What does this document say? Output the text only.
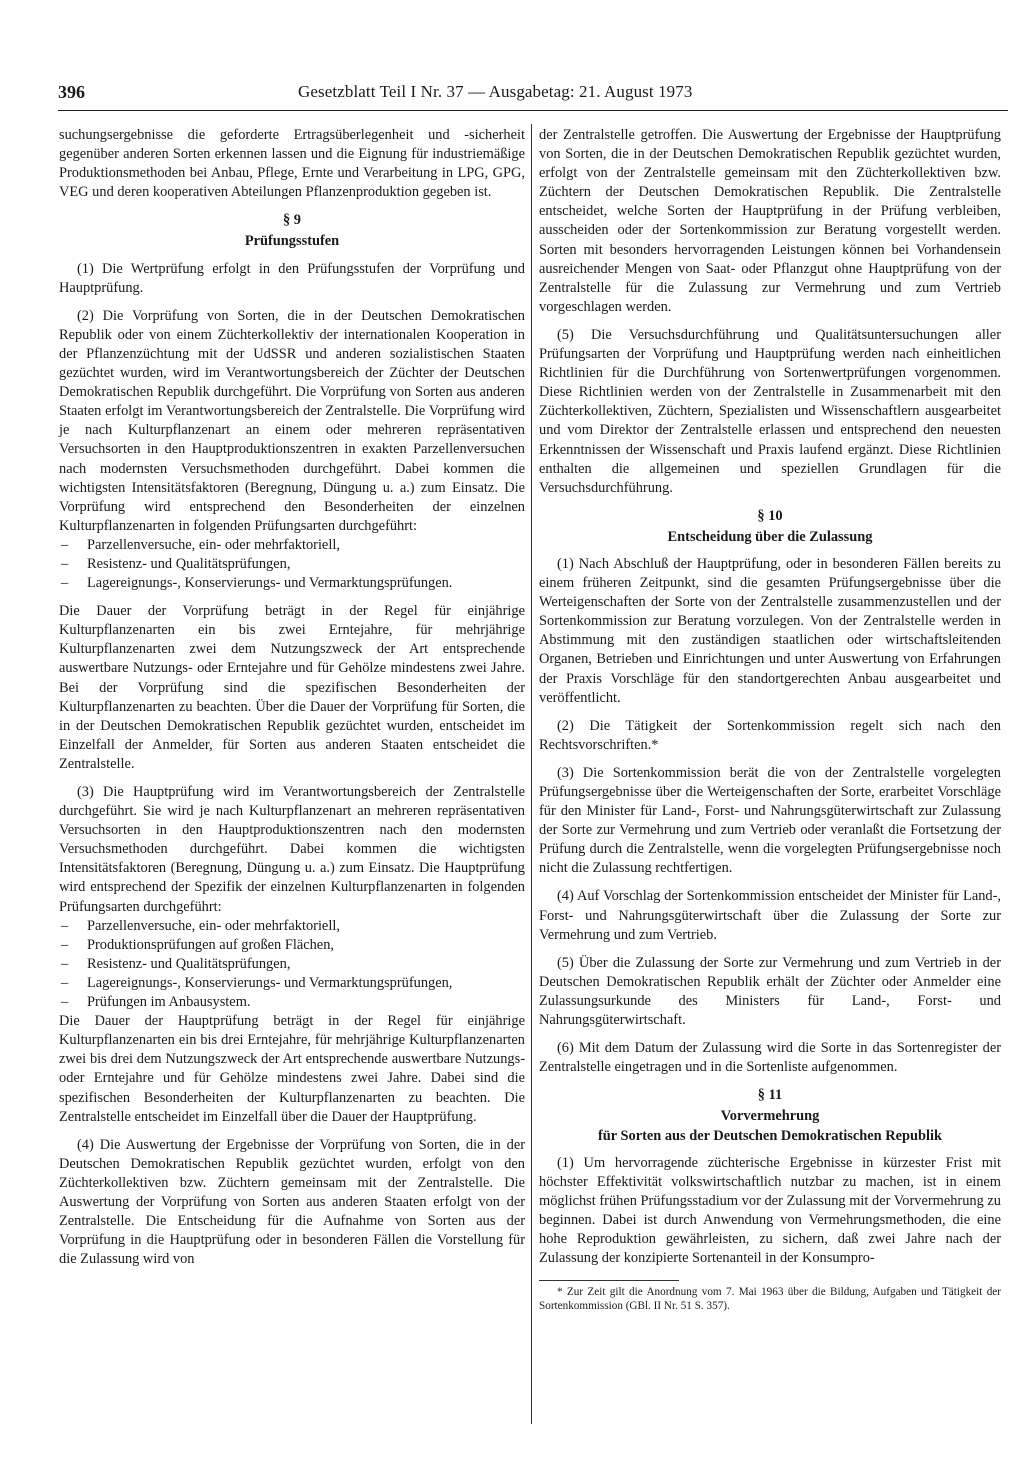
396	Gesetzblatt Teil I Nr. 37 — Ausgabetag: 21. August 1973

suchungsergebnisse die geforderte Ertragsüberlegenheit und -sicherheit gegenüber anderen Sorten erkennen lassen und die Eignung für industriemäßige Produktionsmethoden bei Anbau, Pflege, Ernte und Verarbeitung in LPG, GPG, VEG und deren kooperativen Abteilungen Pflanzenproduktion gegeben ist.

§ 9
Prüfungsstufen

(1) Die Wertprüfung erfolgt in den Prüfungsstufen der Vorprüfung und Hauptprüfung.

(2) Die Vorprüfung von Sorten, die in der Deutschen Demokratischen Republik oder von einem Züchterkollektiv der internationalen Kooperation in der Pflanzenzüchtung mit der UdSSR und anderen sozialistischen Staaten gezüchtet wurden, wird im Verantwortungsbereich der Züchter der Deutschen Demokratischen Republik durchgeführt. Die Vorprüfung von Sorten aus anderen Staaten erfolgt im Verantwortungsbereich der Zentralstelle. Die Vorprüfung wird je nach Kulturpflanzenart an einem oder mehreren repräsentativen Versuchsorten in den Hauptproduktionszentren in exakten Parzellenversuchen nach modernsten Versuchsmethoden durchgeführt. Dabei kommen die wichtigsten Intensitätsfaktoren (Beregnung, Düngung u. a.) zum Einsatz. Die Vorprüfung wird entsprechend den Besonderheiten der einzelnen Kulturpflanzenarten in folgenden Prüfungsarten durchgeführt:

– Parzellenversuche, ein- oder mehrfaktoriell,
– Resistenz- und Qualitätsprüfungen,
– Lagereignungs-, Konservierungs- und Vermarktungsprüfungen.

Die Dauer der Vorprüfung beträgt in der Regel für einjährige Kulturpflanzenarten ein bis zwei Erntejahre, für mehrjährige Kulturpflanzenarten zwei dem Nutzungszweck der Art entsprechende auswertbare Nutzungs- oder Erntejahre und für Gehölze mindestens zwei Jahre. Bei der Vorprüfung sind die spezifischen Besonderheiten der Kulturpflanzenarten zu beachten. Über die Dauer der Vorprüfung für Sorten, die in der Deutschen Demokratischen Republik gezüchtet wurden, entscheidet im Einzelfall der Anmelder, für Sorten aus anderen Staaten entscheidet die Zentralstelle.

(3) Die Hauptprüfung wird im Verantwortungsbereich der Zentralstelle durchgeführt. Sie wird je nach Kulturpflanzenart an mehreren repräsentativen Versuchsorten in den Hauptproduktionszentren nach den modernsten Versuchsmethoden durchgeführt. Dabei kommen die wichtigsten Intensitätsfaktoren (Beregnung, Düngung u. a.) zum Einsatz. Die Hauptprüfung wird entsprechend der Spezifik der einzelnen Kulturpflanzenarten in folgenden Prüfungsarten durchgeführt:

– Parzellenversuche, ein- oder mehrfaktoriell,
– Produktionsprüfungen auf großen Flächen,
– Resistenz- und Qualitätsprüfungen,
– Lagereignungs-, Konservierungs- und Vermarktungsprüfungen,
– Prüfungen im Anbausystem.

Die Dauer der Hauptprüfung beträgt in der Regel für einjährige Kulturpflanzenarten ein bis drei Erntejahre, für mehrjährige Kulturpflanzenarten zwei bis drei dem Nutzungszweck der Art entsprechende auswertbare Nutzungs- oder Erntejahre und für Gehölze mindestens zwei Jahre. Dabei sind die spezifischen Besonderheiten der Kulturpflanzenarten zu beachten. Die Zentralstelle entscheidet im Einzelfall über die Dauer der Hauptprüfung.

(4) Die Auswertung der Ergebnisse der Vorprüfung von Sorten, die in der Deutschen Demokratischen Republik gezüchtet wurden, erfolgt von den Züchterkollektiven bzw. Züchtern gemeinsam mit der Zentralstelle. Die Auswertung der Vorprüfung von Sorten aus anderen Staaten erfolgt von der Zentralstelle. Die Entscheidung für die Aufnahme von Sorten aus der Vorprüfung in die Hauptprüfung oder in besonderen Fällen die Vorstellung für die Zulassung wird von

der Zentralstelle getroffen. Die Auswertung der Ergebnisse der Hauptprüfung von Sorten, die in der Deutschen Demokratischen Republik gezüchtet wurden, erfolgt von der Zentralstelle gemeinsam mit den Züchterkollektiven bzw. Züchtern der Deutschen Demokratischen Republik. Die Zentralstelle entscheidet, welche Sorten der Hauptprüfung in der Prüfung verbleiben, ausscheiden oder der Sortenkommission zur Beratung vorgestellt werden. Sorten mit besonders hervorragenden Leistungen können bei Vorhandensein ausreichender Mengen von Saat- oder Pflanzgut ohne Hauptprüfung von der Zentralstelle für die Zulassung zur Vermehrung und zum Vertrieb vorgeschlagen werden.

(5) Die Versuchsdurchführung und Qualitätsuntersuchungen aller Prüfungsarten der Vorprüfung und Hauptprüfung werden nach einheitlichen Richtlinien für die Durchführung von Sortenwertprüfungen vorgenommen. Diese Richtlinien werden von der Zentralstelle in Zusammenarbeit mit den Züchterkollektiven, Züchtern, Spezialisten und Wissenschaftlern ausgearbeitet und vom Direktor der Zentralstelle erlassen und entsprechend den neuesten Erkenntnissen der Wissenschaft und Praxis laufend ergänzt. Diese Richtlinien enthalten die allgemeinen und speziellen Grundlagen für die Versuchsdurchführung.

§ 10
Entscheidung über die Zulassung

(1) Nach Abschluß der Hauptprüfung, oder in besonderen Fällen bereits zu einem früheren Zeitpunkt, sind die gesamten Prüfungsergebnisse über die Werteigenschaften der Sorte von der Zentralstelle zusammenzustellen und der Sortenkommission zur Beratung vorzulegen. Von der Zentralstelle werden in Abstimmung mit den zuständigen staatlichen oder wirtschaftsleitenden Organen, Betrieben und Einrichtungen und unter Auswertung von Erfahrungen der Praxis Vorschläge für den standortgerechten Anbau ausgearbeitet und veröffentlicht.

(2) Die Tätigkeit der Sortenkommission regelt sich nach den Rechtsvorschriften.*

(3) Die Sortenkommission berät die von der Zentralstelle vorgelegten Prüfungsergebnisse über die Werteigenschaften der Sorte, erarbeitet Vorschläge für den Minister für Land-, Forst- und Nahrungsgüterwirtschaft zur Zulassung der Sorte zur Vermehrung und zum Vertrieb oder veranlaßt die Fortsetzung der Prüfung durch die Zentralstelle, wenn die vorgelegten Prüfungsergebnisse noch nicht die Zulassung rechtfertigen.

(4) Auf Vorschlag der Sortenkommission entscheidet der Minister für Land-, Forst- und Nahrungsgüterwirtschaft über die Zulassung der Sorte zur Vermehrung und zum Vertrieb.

(5) Über die Zulassung der Sorte zur Vermehrung und zum Vertrieb in der Deutschen Demokratischen Republik erhält der Züchter oder Anmelder eine Zulassungsurkunde des Ministers für Land-, Forst- und Nahrungsgüterwirtschaft.

(6) Mit dem Datum der Zulassung wird die Sorte in das Sortenregister der Zentralstelle eingetragen und in die Sortenliste aufgenommen.

§ 11
Vorvermehrung
für Sorten aus der Deutschen Demokratischen Republik

(1) Um hervorragende züchterische Ergebnisse in kürzester Frist mit höchster Effektivität volkswirtschaftlich nutzbar zu machen, ist in einem möglichst frühen Prüfungsstadium vor der Zulassung mit der Vorvermehrung zu beginnen. Dabei ist durch Anwendung von Vermehrungsmethoden, die eine hohe Reproduktion gewährleisten, zu sichern, daß zwei Jahre nach der Zulassung der konzipierte Sortenanteil in der Konsumpro-

* Zur Zeit gilt die Anordnung vom 7. Mai 1963 über die Bildung, Aufgaben und Tätigkeit der Sortenkommission (GBl. II Nr. 51 S. 357).
